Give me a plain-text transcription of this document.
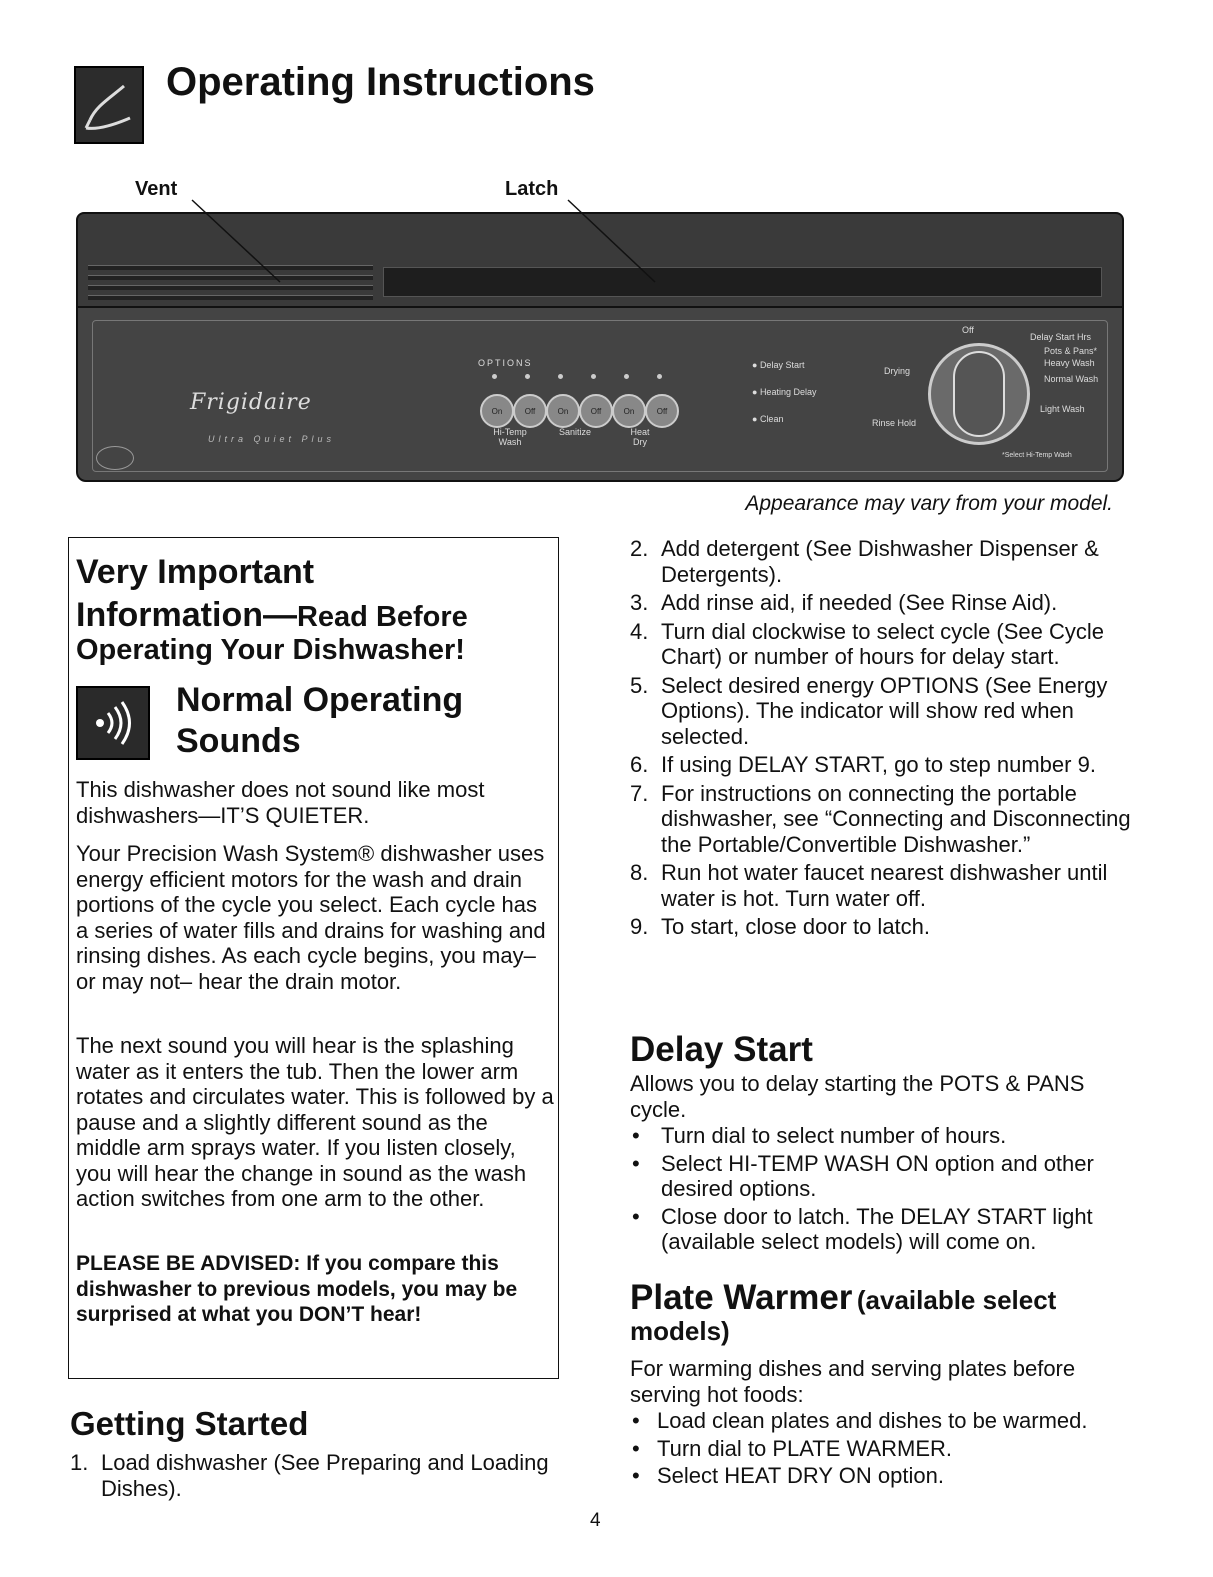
Operating Instructions
Vent	Latch
Frigidaire
Ultra Quiet Plus
OPTIONS
On	Off	On	Off	On	Off
Hi-Temp Wash
Sanitize	Heat Dry
● Delay Start
● Heating Delay
● Clean
Off
Delay Start Hrs
Pots & Pans*
Heavy Wash
Normal Wash
Light Wash
Rinse Hold
Drying
*Select Hi-Temp Wash
Appearance may vary from your model.
Very Important
Information—Read Before
Operating Your Dishwasher!
Normal Operating
Sounds
This dishwasher does not sound like most dishwashers—IT’S QUIETER.
Your Precision Wash System® dishwasher uses energy efficient motors for the wash and drain portions of the cycle you select. Each cycle has a series of water fills and drains for washing and rinsing dishes. As each cycle begins, you may–or may not– hear the drain motor.
The next sound you will hear is the splashing water as it enters the tub. Then the lower arm rotates and circulates water. This is followed by a pause and a slightly different sound as the middle arm sprays water. If you listen closely, you will hear the change in sound as the wash action switches from one arm to the other.
PLEASE BE ADVISED: If you compare this dishwasher to previous models, you may be surprised at what you DON’T hear!
Getting Started
1. Load dishwasher (See Preparing and Loading Dishes).
2. Add detergent (See Dishwasher Dispenser & Detergents).
3. Add rinse aid, if needed (See Rinse Aid).
4. Turn dial clockwise to select cycle (See Cycle Chart) or number of hours for delay start.
5. Select desired energy OPTIONS (See Energy Options). The indicator will show red when selected.
6. If using DELAY START, go to step number 9.
7. For instructions on connecting the portable dishwasher, see “Connecting and Disconnecting the Portable/Convertible Dishwasher.”
8. Run hot water faucet nearest dishwasher until water is hot. Turn water off.
9. To start, close door to latch.
Delay Start
Allows you to delay starting the POTS & PANS cycle.
• Turn dial to select number of hours.
• Select HI-TEMP WASH ON option and other desired options.
• Close door to latch. The DELAY START light (available select models) will come on.
Plate Warmer (available select
models)
For warming dishes and serving plates before serving hot foods:
• Load clean plates and dishes to be warmed.
• Turn dial to PLATE WARMER.
• Select HEAT DRY ON option.
4
